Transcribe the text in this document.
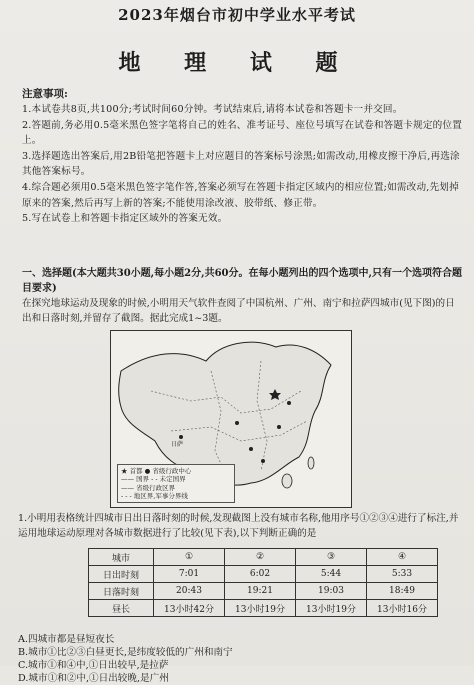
2023年烟台市初中学业水平考试
地 理 试 题
注意事项:

1.本试卷共8页,共100分;考试时间60分钟。考试结束后,请将本试卷和答题卡一并交回。

2.答题前,务必用0.5毫米黑色签字笔将自己的姓名、准考证号、座位号填写在试卷和答题卡规定的位置上。

3.选择题选出答案后,用2B铅笔把答题卡上对应题目的答案标号涂黑;如需改动,用橡皮擦干净后,再选涂其他答案标号。

4.综合题必须用0.5毫米黑色签字笔作答,答案必须写在答题卡指定区域内的相应位置;如需改动,先划掉原来的答案,然后再写上新的答案;不能使用涂改液、胶带纸、修正带。

5.写在试卷上和答题卡指定区域外的答案无效。

一、选择题(本大题共30小题,每小题2分,共60分。在每小题列出的四个选项中,只有一个选项符合题目要求)
在探究地球运动及现象的时候,小明用天气软件查阅了中国杭州、广州、南宁和拉萨四城市(见下图)的日出和日落时刻,并留存了截图。据此完成1~3题。
日萨
★ 首都 ● 省级行政中心
—— 国界 - - 未定国界
—— 省级行政区界
- - - 地区界,军事分界线
1.小明用表格统计四城市日出日落时刻的时候,发现截图上没有城市名称,他用序号①②③④进行了标注,并运用地球运动原理对各城市数据进行了比较(见下表),以下判断正确的是
城市	①	②	③	④
日出时刻	7:01	6:02	5:44	5:33
日落时刻	20:43	19:21	19:03	18:49
昼长	13小时42分	13小时19分	13小时19分	13小时16分

A.四城市都是昼短夜长

B.城市①比②③白昼更长,是纬度较低的广州和南宁

C.城市①和④中,①日出较早,是拉萨

D.城市①和②中,①日出较晚,是广州
